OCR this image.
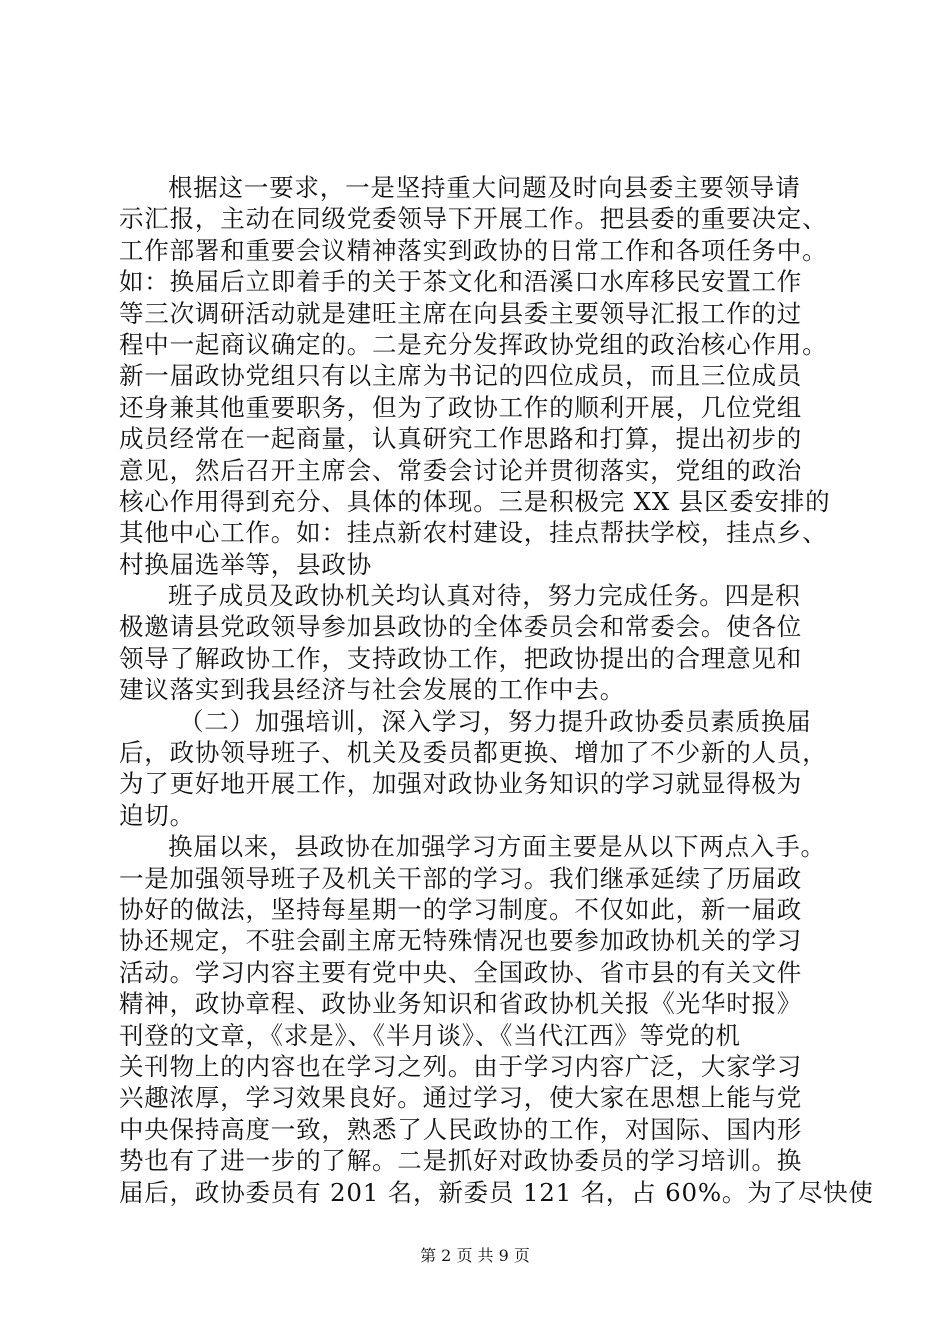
根据这一要求，一是坚持重大问题及时向县委主要领导请
示汇报，主动在同级党委领导下开展工作。把县委的重要决定、
工作部署和重要会议精神落实到政协的日常工作和各项任务中。
如：换届后立即着手的关于茶文化和浯溪口水库移民安置工作
等三次调研活动就是建旺主席在向县委主要领导汇报工作的过
程中一起商议确定的。二是充分发挥政协党组的政治核心作用。
新一届政协党组只有以主席为书记的四位成员，而且三位成员
还身兼其他重要职务，但为了政协工作的顺利开展，几位党组
成员经常在一起商量，认真研究工作思路和打算，提出初步的
意见，然后召开主席会、常委会讨论并贯彻落实，党组的政治
核心作用得到充分、具体的体现。三是积极完 XX 县区委安排的
其他中心工作。如：挂点新农村建设，挂点帮扶学校，挂点乡、
村换届选举等，县政协
班子成员及政协机关均认真对待，努力完成任务。四是积
极邀请县党政领导参加县政协的全体委员会和常委会。使各位
领导了解政协工作，支持政协工作，把政协提出的合理意见和
建议落实到我县经济与社会发展的工作中去。
（二）加强培训，深入学习，努力提升政协委员素质换届
后，政协领导班子、机关及委员都更换、增加了不少新的人员，
为了更好地开展工作，加强对政协业务知识的学习就显得极为
迫切。
换届以来，县政协在加强学习方面主要是从以下两点入手。
一是加强领导班子及机关干部的学习。我们继承延续了历届政
协好的做法，坚持每星期一的学习制度。不仅如此，新一届政
协还规定，不驻会副主席无特殊情况也要参加政协机关的学习
活动。学习内容主要有党中央、全国政协、省市县的有关文件
精神，政协章程、政协业务知识和省政协机关报《光华时报》
刊登的文章，《求是》、《半月谈》、《当代江西》等党的机
关刊物上的内容也在学习之列。由于学习内容广泛，大家学习
兴趣浓厚，学习效果良好。通过学习，使大家在思想上能与党
中央保持高度一致，熟悉了人民政协的工作，对国际、国内形
势也有了进一步的了解。二是抓好对政协委员的学习培训。换
届后，政协委员有 201 名，新委员 121 名，占 60%。为了尽快使
第 2 页 共 9 页
